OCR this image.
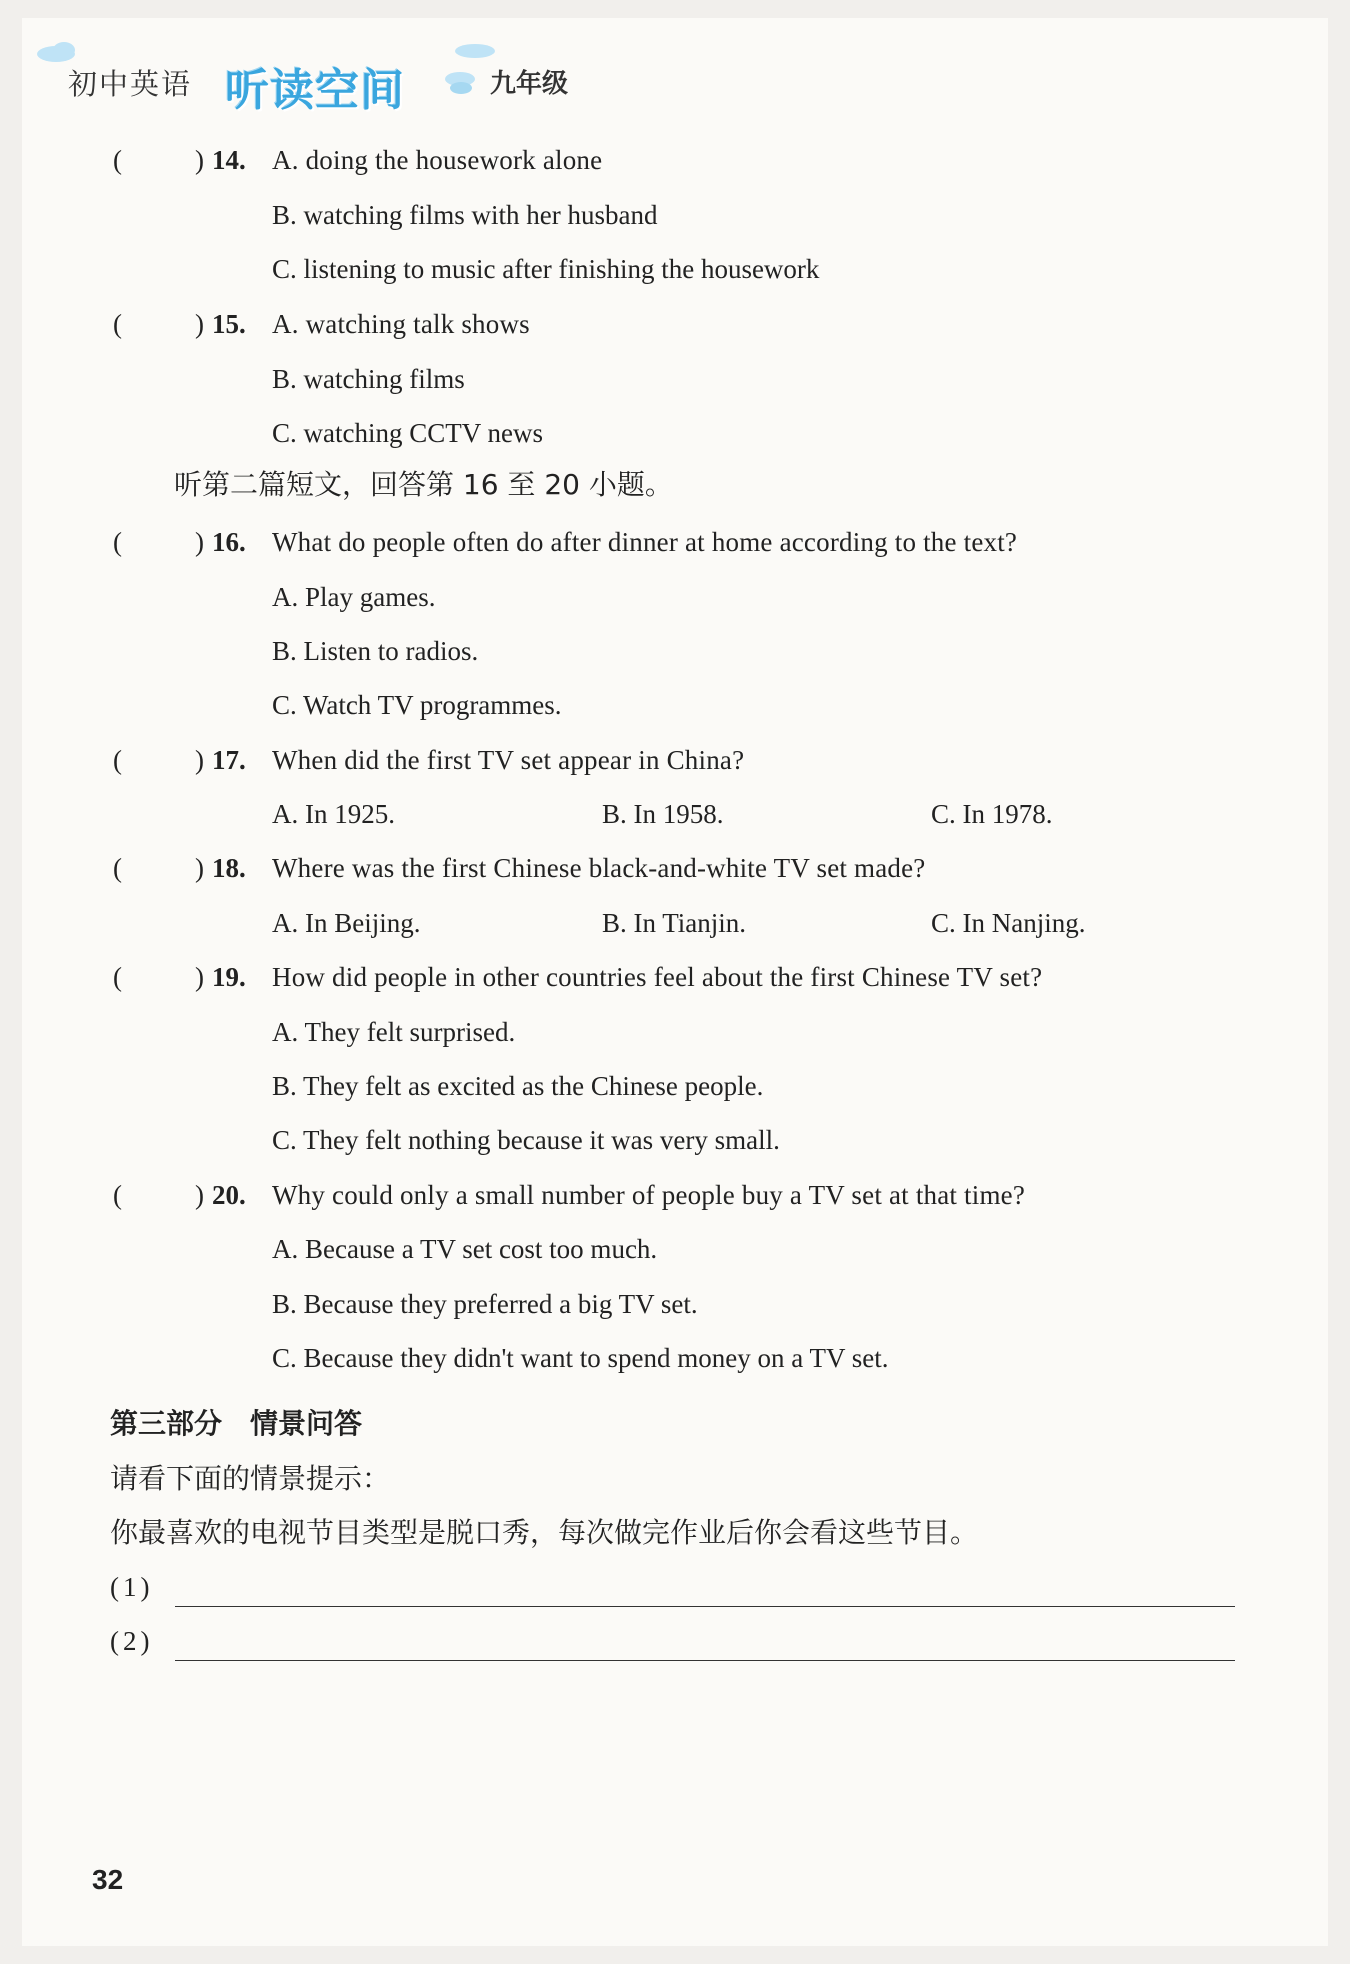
初中英语 听读空间	九年级
(	) 14. A. doing the housework alone
B. watching films with her husband
C. listening to music after finishing the housework
(	) 15. A. watching talk shows
B. watching films
C. watching CCTV news
听第二篇短文，回答第 16 至 20 小题。
(	) 16. What do people often do after dinner at home according to the text?
A. Play games.
B. Listen to radios.
C. Watch TV programmes.
(	) 17. When did the first TV set appear in China?
A. In 1925.	B. In 1958.	C. In 1978.
(	) 18. Where was the first Chinese black-and-white TV set made?
A. In Beijing.	B. In Tianjin.	C. In Nanjing.
(	) 19. How did people in other countries feel about the first Chinese TV set?
A. They felt surprised.
B. They felt as excited as the Chinese people.
C. They felt nothing because it was very small.
(	) 20. Why could only a small number of people buy a TV set at that time?
A. Because a TV set cost too much.
B. Because they preferred a big TV set.
C. Because they didn't want to spend money on a TV set.
第三部分　情景问答
请看下面的情景提示：
你最喜欢的电视节目类型是脱口秀，每次做完作业后你会看这些节目。
(1)
(2)
32
